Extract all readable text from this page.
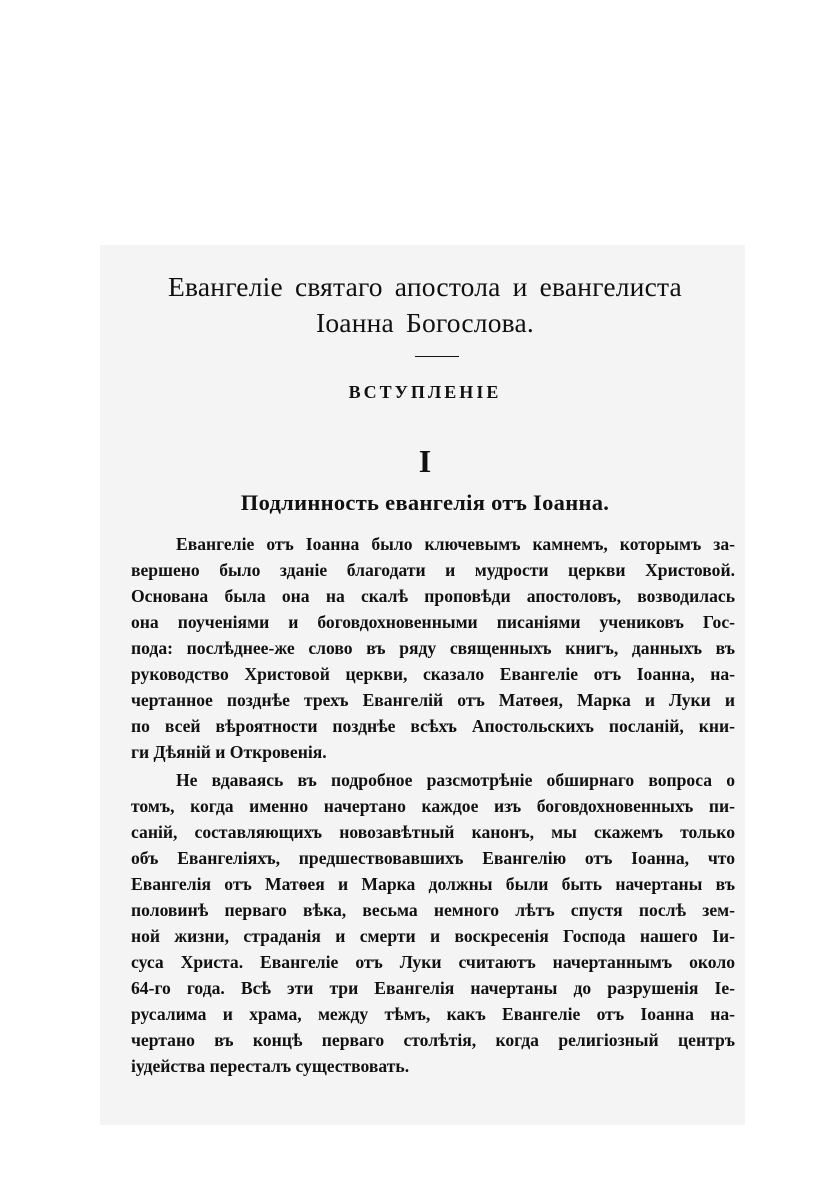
Евангеліе святаго апостола и евангелиста
Іоанна Богослова.
ВСТУПЛЕНІЕ
I
Подлинность евангелія отъ Іоанна.
Евангеліе отъ Іоанна было ключевымъ камнемъ, которымъ за-
вершено было зданіе благодати и мудрости церкви Христовой.
Основана была она на скалѣ проповѣди апостоловъ, возводилась
она поученіями и боговдохновенными писаніями учениковъ Гос-
пода: послѣднее-же слово въ ряду священныхъ книгъ, данныхъ въ
руководство Христовой церкви, сказало Евангеліе отъ Іоанна, на-
чертанное позднѣе трехъ Евангелій отъ Матѳея, Марка и Луки и
по всей вѣроятности позднѣе всѣхъ Апостольскихъ посланій, кни-
ги Дѣяній и Откровенія.
Не вдаваясь въ подробное разсмотрѣніе обширнаго вопроса о
томъ, когда именно начертано каждое изъ боговдохновенныхъ пи-
саній, составляющихъ новозавѣтный канонъ, мы скажемъ только
объ Евангеліяхъ, предшествовавшихъ Евангелію отъ Іоанна, что
Евангелія отъ Матѳея и Марка должны были быть начертаны въ
половинѣ перваго вѣка, весьма немного лѣтъ спустя послѣ зем-
ной жизни, страданія и смерти и воскресенія Господа нашего Іи-
суса Христа. Евангеліе отъ Луки считаютъ начертаннымъ около
64-го года. Всѣ эти три Евангелія начертаны до разрушенія Іе-
русалима и храма, между тѣмъ, какъ Евангеліе отъ Іоанна на-
чертано въ концѣ перваго столѣтія, когда религіозный центръ
іудейства пересталъ существовать.
